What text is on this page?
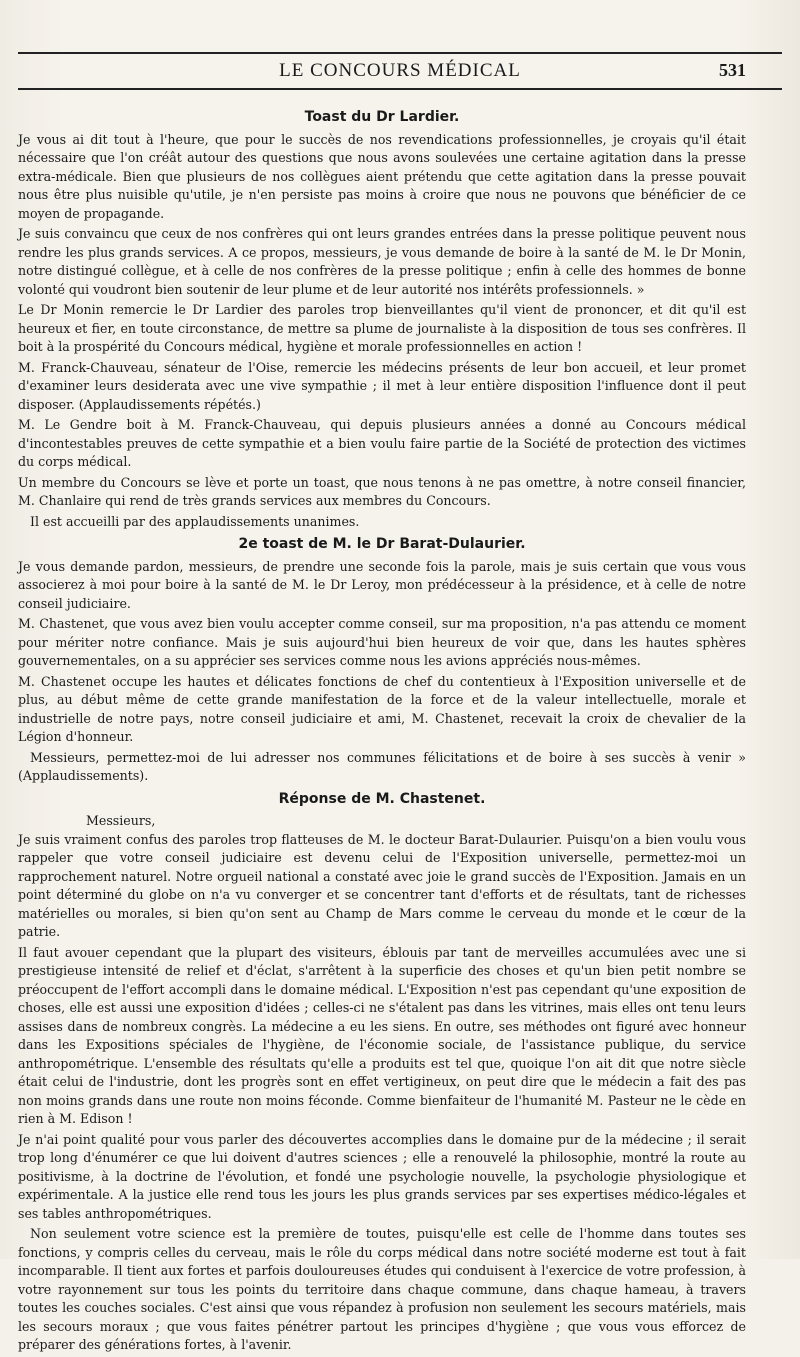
LE CONCOURS MÉDICAL	531
Toast du Dr Lardier.

Je vous ai dit tout à l'heure, que pour le succès de nos revendications professionnelles, je croyais qu'il était nécessaire que l'on créât autour des questions que nous avons soulevées une certaine agitation dans la presse extra-médicale. Bien que plusieurs de nos collègues aient prétendu que cette agitation dans la presse pouvait nous être plus nuisible qu'utile, je n'en persiste pas moins à croire que nous ne pouvons que bénéficier de ce moyen de propagande.

Je suis convaincu que ceux de nos confrères qui ont leurs grandes entrées dans la presse politique peuvent nous rendre les plus grands services. A ce propos, messieurs, je vous demande de boire à la santé de M. le Dr Monin, notre distingué collègue, et à celle de nos confrères de la presse politique ; enfin à celle des hommes de bonne volonté qui voudront bien soutenir de leur plume et de leur autorité nos intérêts professionnels. »

Le Dr Monin remercie le Dr Lardier des paroles trop bienveillantes qu'il vient de prononcer, et dit qu'il est heureux et fier, en toute circonstance, de mettre sa plume de journaliste à la disposition de tous ses confrères. Il boit à la prospérité du Concours médical, hygiène et morale professionnelles en action !

M. Franck-Chauveau, sénateur de l'Oise, remercie les médecins présents de leur bon accueil, et leur promet d'examiner leurs desiderata avec une vive sympathie ; il met à leur entière disposition l'influence dont il peut disposer. (Applaudissements répétés.)

M. Le Gendre boit à M. Franck-Chauveau, qui depuis plusieurs années a donné au Concours médical d'incontestables preuves de cette sympathie et a bien voulu faire partie de la Société de protection des victimes du corps médical.

Un membre du Concours se lève et porte un toast, que nous tenons à ne pas omettre, à notre conseil financier, M. Chanlaire qui rend de très grands services aux membres du Concours.

Il est accueilli par des applaudissements unanimes.

2e toast de M. le Dr Barat-Dulaurier.

Je vous demande pardon, messieurs, de prendre une seconde fois la parole, mais je suis certain que vous vous associerez à moi pour boire à la santé de M. le Dr Leroy, mon prédécesseur à la présidence, et à celle de notre conseil judiciaire.

M. Chastenet, que vous avez bien voulu accepter comme conseil, sur ma proposition, n'a pas attendu ce moment pour mériter notre confiance. Mais je suis aujourd'hui bien heureux de voir que, dans les hautes sphères gouvernementales, on a su apprécier ses services comme nous les avions appréciés nous-mêmes.

M. Chastenet occupe les hautes et délicates fonctions de chef du contentieux à l'Exposition universelle et de plus, au début même de cette grande manifestation de la force et de la valeur intellectuelle, morale et industrielle de notre pays, notre conseil judiciaire et ami, M. Chastenet, recevait la croix de chevalier de la Légion d'honneur.

Messieurs, permettez-moi de lui adresser nos communes félicitations et de boire à ses succès à venir » (Applaudissements).

Réponse de M. Chastenet.

Messieurs,

Je suis vraiment confus des paroles trop flatteuses de M. le docteur Barat-Dulaurier. Puisqu'on a bien voulu vous rappeler que votre conseil judiciaire est devenu celui de l'Exposition universelle, permettez-moi un rapprochement naturel. Notre orgueil national a constaté avec joie le grand succès de l'Exposition. Jamais en un point déterminé du globe on n'a vu converger et se concentrer tant d'efforts et de résultats, tant de richesses matérielles ou morales, si bien qu'on sent au Champ de Mars comme le cerveau du monde et le cœur de la patrie.

Il faut avouer cependant que la plupart des visiteurs, éblouis par tant de merveilles accumulées avec une si prestigieuse intensité de relief et d'éclat, s'arrêtent à la superficie des choses et qu'un bien petit nombre se préoccupent de l'effort accompli dans le domaine médical. L'Exposition n'est pas cependant qu'une exposition de choses, elle est aussi une exposition d'idées ; celles-ci ne s'étalent pas dans les vitrines, mais elles ont tenu leurs assises dans de nombreux congrès. La médecine a eu les siens. En outre, ses méthodes ont figuré avec honneur dans les Expositions spéciales de l'hygiène, de l'économie sociale, de l'assistance publique, du service anthropométrique. L'ensemble des résultats qu'elle a produits est tel que, quoique l'on ait dit que notre siècle était celui de l'industrie, dont les progrès sont en effet vertigineux, on peut dire que le médecin a fait des pas non moins grands dans une route non moins féconde. Comme bienfaiteur de l'humanité M. Pasteur ne le cède en rien à M. Edison !

Je n'ai point qualité pour vous parler des découvertes accomplies dans le domaine pur de la médecine ; il serait trop long d'énumérer ce que lui doivent d'autres sciences ; elle a renouvelé la philosophie, montré la route au positivisme, à la doctrine de l'évolution, et fondé une psychologie nouvelle, la psychologie physiologique et expérimentale. A la justice elle rend tous les jours les plus grands services par ses expertises médico-légales et ses tables anthropométriques.

Non seulement votre science est la première de toutes, puisqu'elle est celle de l'homme dans toutes ses fonctions, y compris celles du cerveau, mais le rôle du corps médical dans notre société moderne est tout à fait incomparable. Il tient aux fortes et parfois douloureuses études qui conduisent à l'exercice de votre profession, à votre rayonnement sur tous les points du territoire dans chaque commune, dans chaque hameau, à travers toutes les couches sociales. C'est ainsi que vous répandez à profusion non seulement les secours matériels, mais les secours moraux ; que vous faites pénétrer partout les principes d'hygiène ; que vous vous efforcez de préparer des générations fortes, à l'avenir.
